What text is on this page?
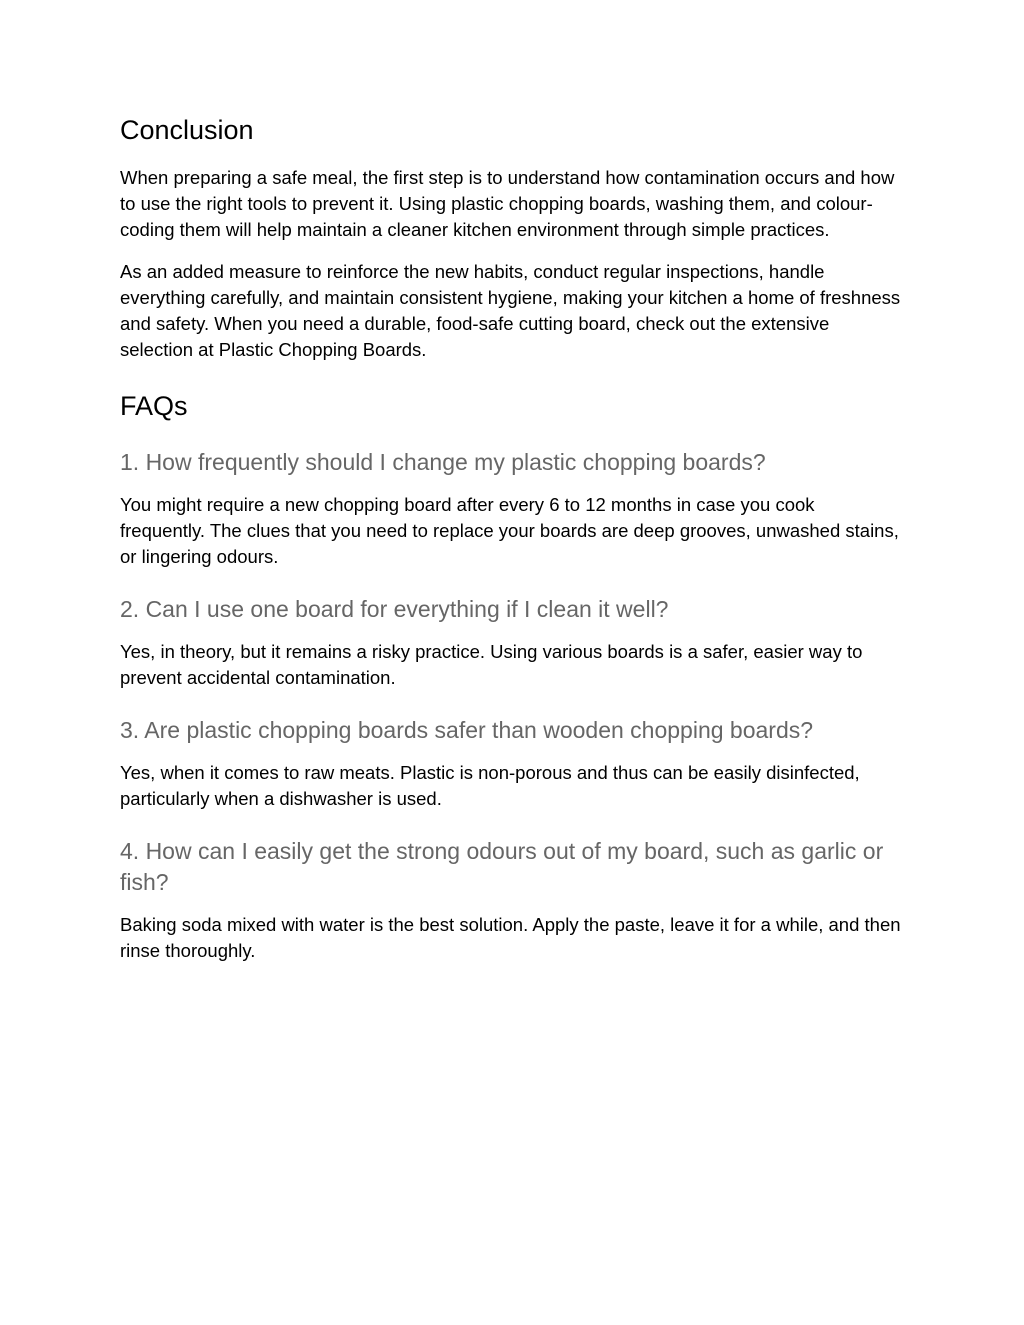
Conclusion

When preparing a safe meal, the first step is to understand how contamination occurs and how to use the right tools to prevent it. Using plastic chopping boards, washing them, and colour-coding them will help maintain a cleaner kitchen environment through simple practices.

As an added measure to reinforce the new habits, conduct regular inspections, handle everything carefully, and maintain consistent hygiene, making your kitchen a home of freshness and safety. When you need a durable, food-safe cutting board, check out the extensive selection at Plastic Chopping Boards.

FAQs
1. How frequently should I change my plastic chopping boards?

You might require a new chopping board after every 6 to 12 months in case you cook frequently. The clues that you need to replace your boards are deep grooves, unwashed stains, or lingering odours.

2. Can I use one board for everything if I clean it well?

Yes, in theory, but it remains a risky practice. Using various boards is a safer, easier way to prevent accidental contamination.

3. Are plastic chopping boards safer than wooden chopping boards?

Yes, when it comes to raw meats. Plastic is non-porous and thus can be easily disinfected, particularly when a dishwasher is used.

4. How can I easily get the strong odours out of my board, such as garlic or fish?

Baking soda mixed with water is the best solution. Apply the paste, leave it for a while, and then rinse thoroughly.
